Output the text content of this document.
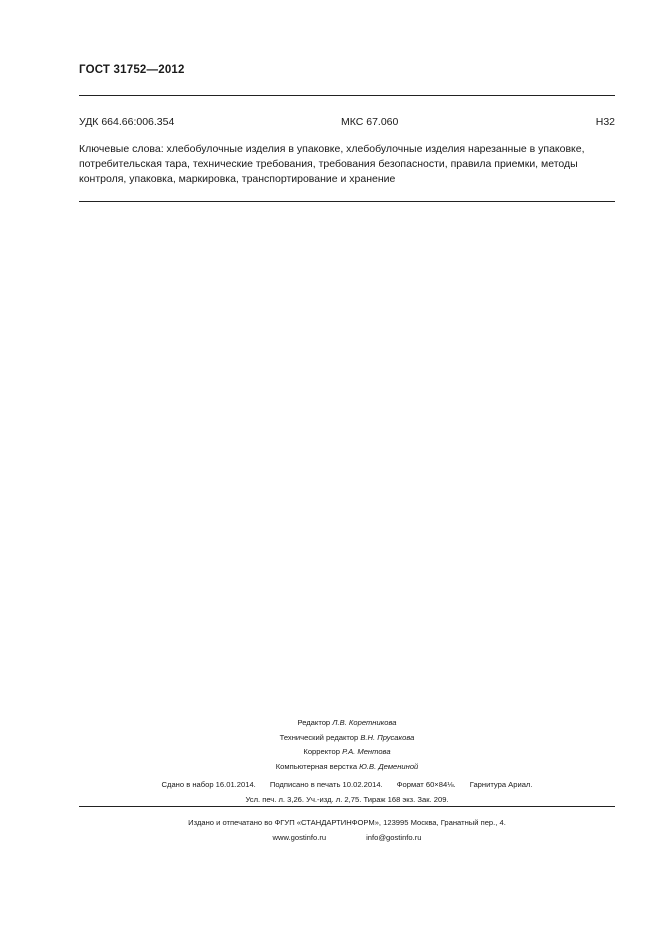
ГОСТ 31752—2012
УДК 664.66:006.354	МКС 67.060	Н32
Ключевые слова: хлебобулочные изделия в упаковке, хлебобулочные изделия нарезанные в упаковке,
потребительская тара, технические требования, требования безопасности, правила приемки, методы
контроля, упаковка, маркировка, транспортирование и хранение
Редактор Л.В. Коретникова
Технический редактор В.Н. Прусакова
Корректор Р.А. Ментова
Компьютерная верстка Ю.В. Демениной
Сдано в набор 16.01.2014. Подписано в печать 10.02.2014. Формат 60×84⅛. Гарнитура Ариал.
Усл. печ. л. 3,26. Уч.-изд. л. 2,75. Тираж 168 экз. Зак. 209.
Издано и отпечатано во ФГУП «СТАНДАРТИНФОРМ», 123995 Москва, Гранатный пер., 4.
www.gostinfo.ru	info@gostinfo.ru
